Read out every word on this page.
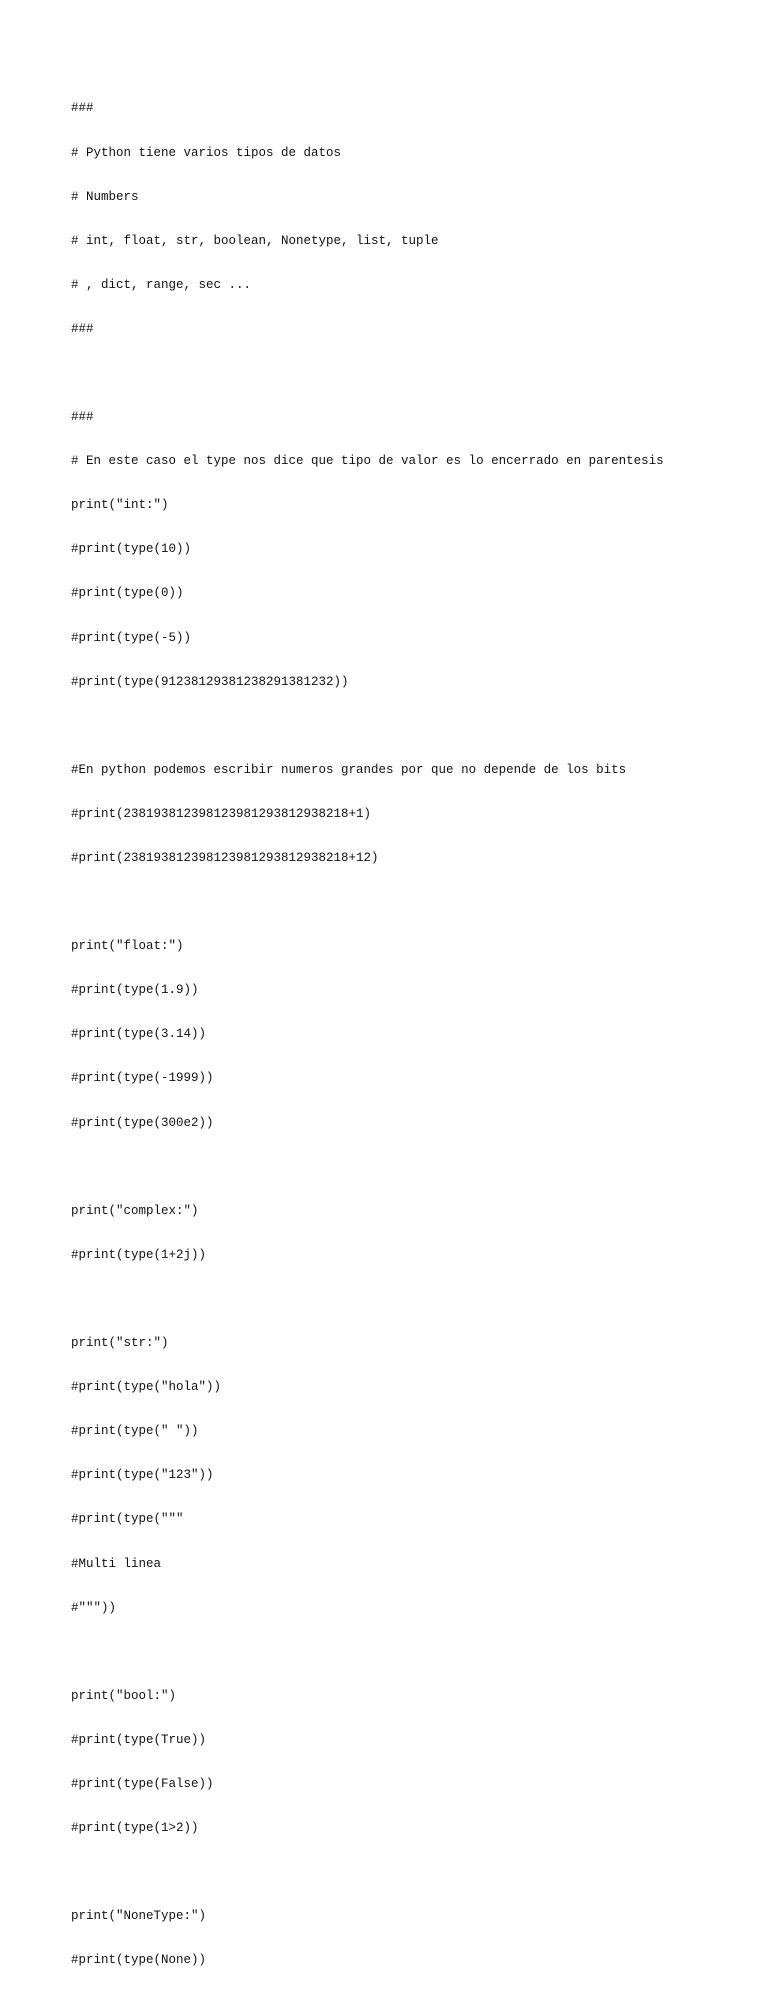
###

# Python tiene varios tipos de datos

# Numbers

# int, float, str, boolean, Nonetype, list, tuple

# , dict, range, sec ...

###

###

# En este caso el type nos dice que tipo de valor es lo encerrado en parentesis

print("int:")

#print(type(10))

#print(type(0))

#print(type(-5))

#print(type(91238129381238291381232))

#En python podemos escribir numeros grandes por que no depende de los bits

#print(238193812398123981293812938218+1)

#print(238193812398123981293812938218+12)

print("float:")

#print(type(1.9))

#print(type(3.14))

#print(type(-1999))

#print(type(300e2))

print("complex:")

#print(type(1+2j))

print("str:")

#print(type("hola"))

#print(type(" "))

#print(type("123"))

#print(type("""

#Multi linea

#"""))

print("bool:")

#print(type(True))

#print(type(False))

#print(type(1>2))

print("NoneType:")

#print(type(None))
